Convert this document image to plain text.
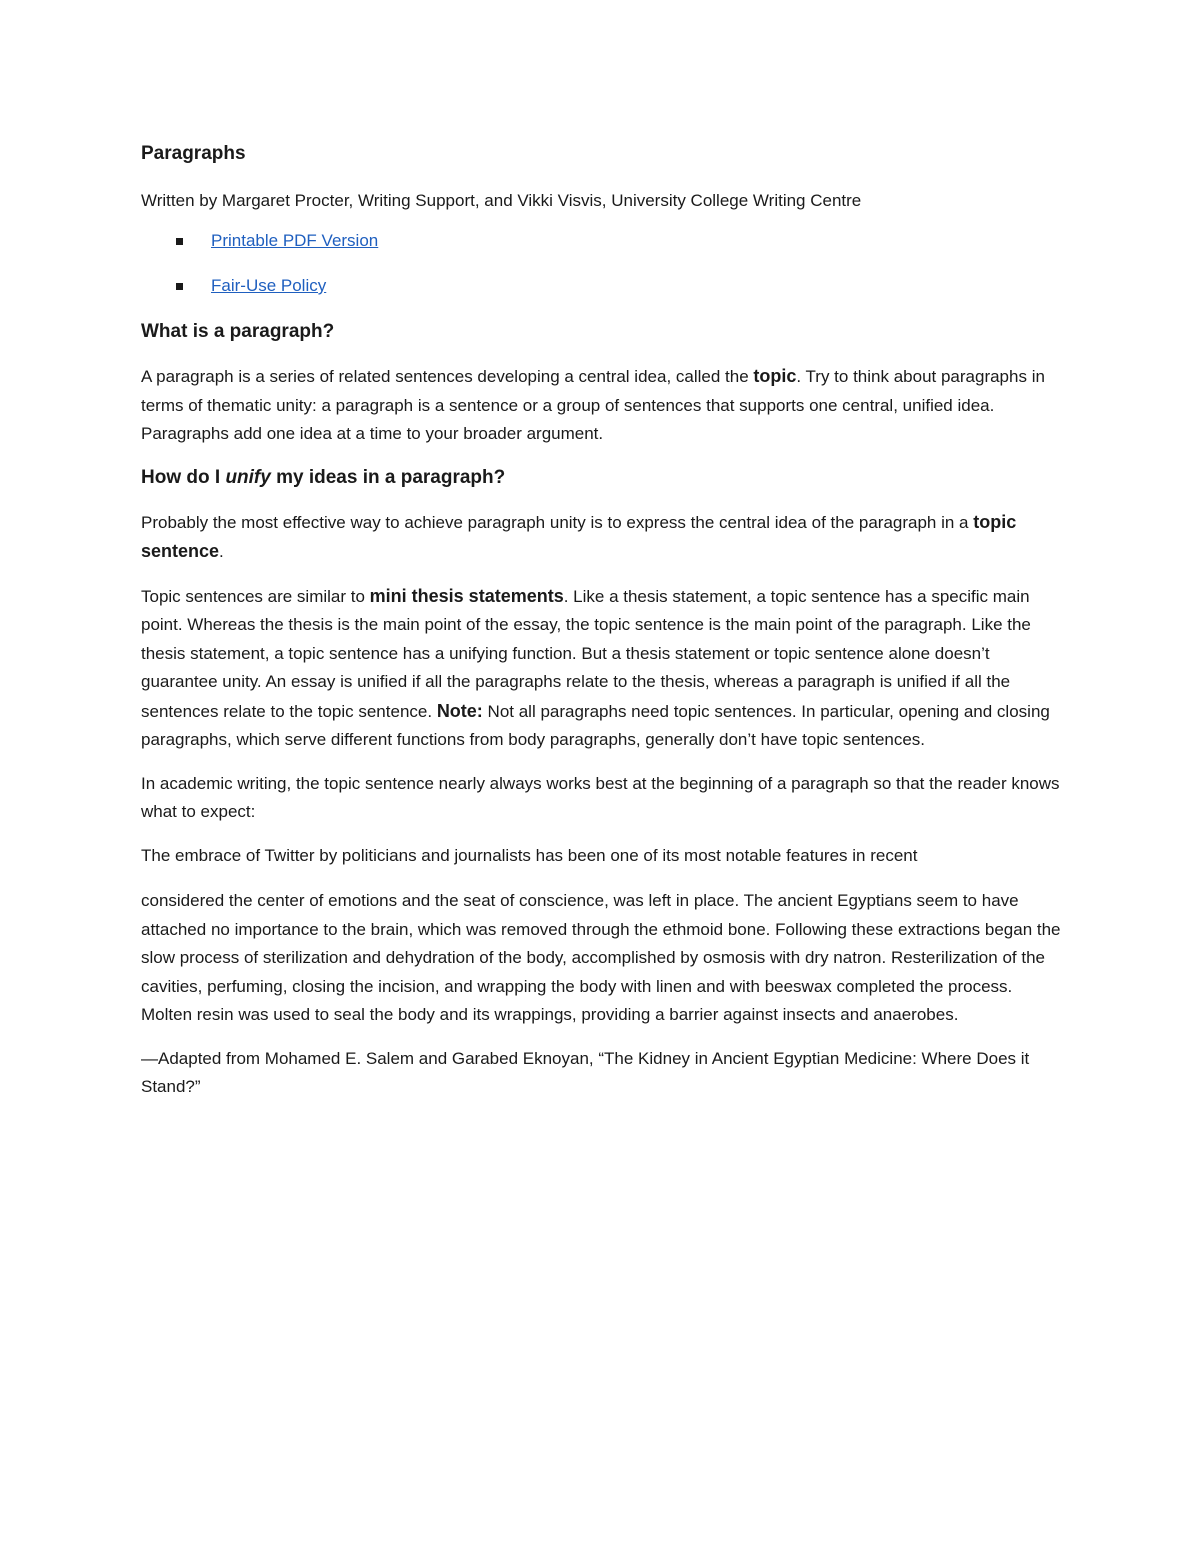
Paragraphs
Written by Margaret Procter, Writing Support, and Vikki Visvis, University College Writing Centre
Printable PDF Version
Fair-Use Policy
What is a paragraph?

A paragraph is a series of related sentences developing a central idea, called the topic. Try to think about paragraphs in terms of thematic unity: a paragraph is a sentence or a group of sentences that supports one central, unified idea. Paragraphs add one idea at a time to your broader argument.

How do I unify my ideas in a paragraph?

Probably the most effective way to achieve paragraph unity is to express the central idea of the paragraph in a topic sentence.

Topic sentences are similar to mini thesis statements. Like a thesis statement, a topic sentence has a specific main point. Whereas the thesis is the main point of the essay, the topic sentence is the main point of the paragraph. Like the thesis statement, a topic sentence has a unifying function. But a thesis statement or topic sentence alone doesn’t guarantee unity. An essay is unified if all the paragraphs relate to the thesis, whereas a paragraph is unified if all the sentences relate to the topic sentence. Note: Not all paragraphs need topic sentences. In particular, opening and closing paragraphs, which serve different functions from body paragraphs, generally don’t have topic sentences.

In academic writing, the topic sentence nearly always works best at the beginning of a paragraph so that the reader knows what to expect:

The embrace of Twitter by politicians and journalists has been one of its most notable features in recent

considered the center of emotions and the seat of conscience, was left in place. The ancient Egyptians seem to have attached no importance to the brain, which was removed through the ethmoid bone. Following these extractions began the slow process of sterilization and dehydration of the body, accomplished by osmosis with dry natron. Resterilization of the cavities, perfuming, closing the incision, and wrapping the body with linen and with beeswax completed the process. Molten resin was used to seal the body and its wrappings, providing a barrier against insects and anaerobes.

—Adapted from Mohamed E. Salem and Garabed Eknoyan, “The Kidney in Ancient Egyptian Medicine: Where Does it Stand?”
